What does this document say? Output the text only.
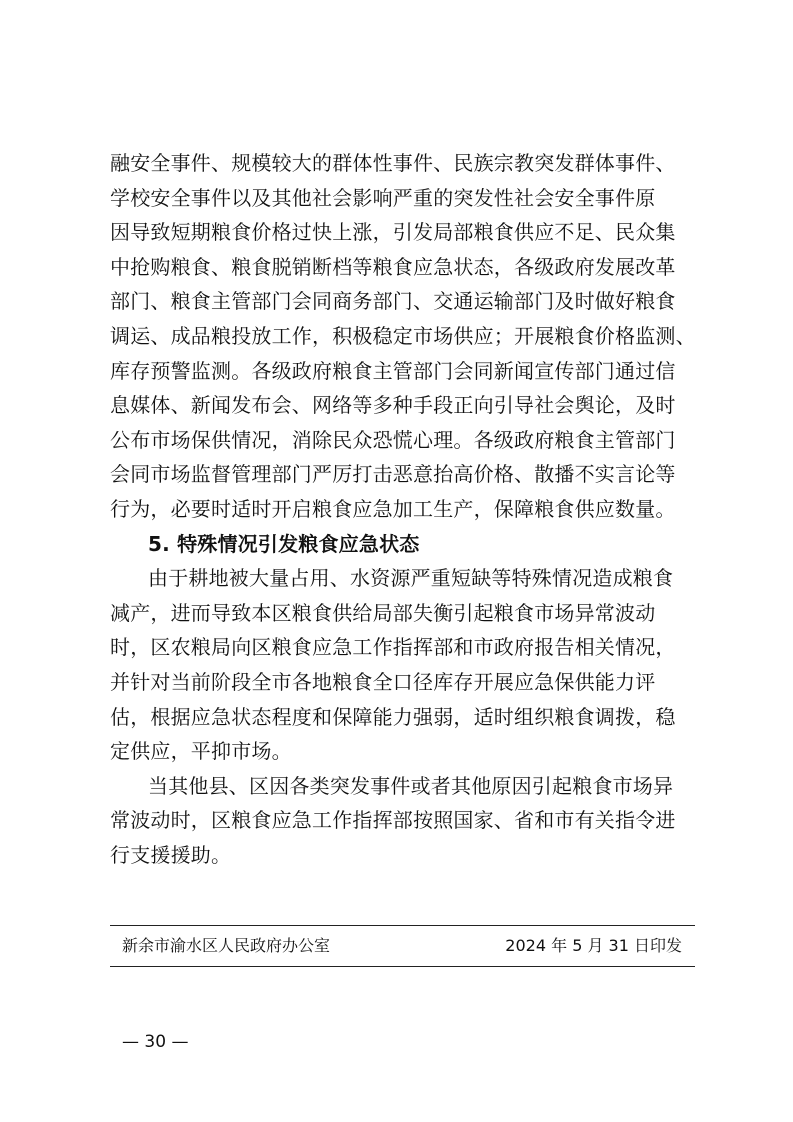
融安全事件、规模较大的群体性事件、民族宗教突发群体事件、
学校安全事件以及其他社会影响严重的突发性社会安全事件原
因导致短期粮食价格过快上涨，引发局部粮食供应不足、民众集
中抢购粮食、粮食脱销断档等粮食应急状态，各级政府发展改革
部门、粮食主管部门会同商务部门、交通运输部门及时做好粮食
调运、成品粮投放工作，积极稳定市场供应；开展粮食价格监测、
库存预警监测。各级政府粮食主管部门会同新闻宣传部门通过信
息媒体、新闻发布会、网络等多种手段正向引导社会舆论，及时
公布市场保供情况，消除民众恐慌心理。各级政府粮食主管部门
会同市场监督管理部门严厉打击恶意抬高价格、散播不实言论等
行为，必要时适时开启粮食应急加工生产，保障粮食供应数量。
5. 特殊情况引发粮食应急状态
由于耕地被大量占用、水资源严重短缺等特殊情况造成粮食
减产，进而导致本区粮食供给局部失衡引起粮食市场异常波动
时，区农粮局向区粮食应急工作指挥部和市政府报告相关情况，
并针对当前阶段全市各地粮食全口径库存开展应急保供能力评
估，根据应急状态程度和保障能力强弱，适时组织粮食调拨，稳
定供应，平抑市场。
当其他县、区因各类突发事件或者其他原因引起粮食市场异
常波动时，区粮食应急工作指挥部按照国家、省和市有关指令进
行支援援助。
新余市渝水区人民政府办公室	2024 年 5 月 31 日印发
— 30 —
